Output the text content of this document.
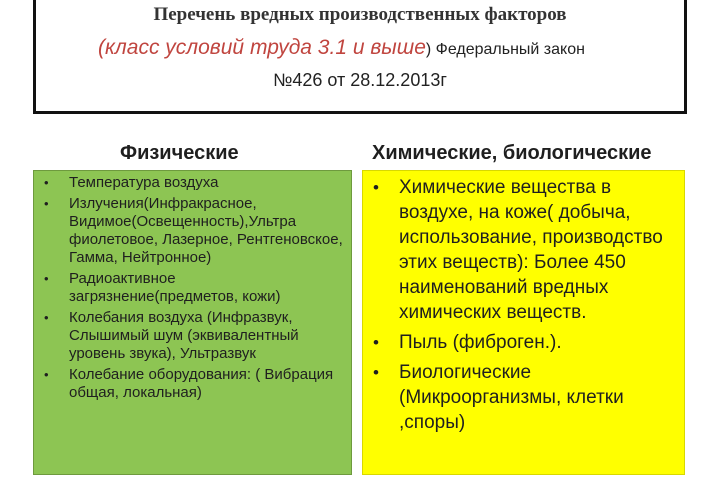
Перечень вредных производственных факторов
(класс условий труда 3.1 и выше) Федеральный закон
№426 от 28.12.2013г
Физические	Химические, биологические
• Температура воздуха
• Излучения(Инфракрасное, Видимое(Освещенность),Ультра фиолетовое, Лазерное, Рентгеновское, Гамма, Нейтронное)
• Радиоактивное загрязнение(предметов, кожи)
• Колебания воздуха (Инфразвук, Слышимый шум (эквивалентный уровень звука), Ультразвук
• Колебание оборудования: ( Вибрация общая, локальная)
• Химические вещества в воздухе, на коже( добыча, использование, производство этих веществ): Более 450 наименований вредных химических веществ.
• Пыль (фиброген.).
• Биологические (Микроорганизмы, клетки ,споры)
